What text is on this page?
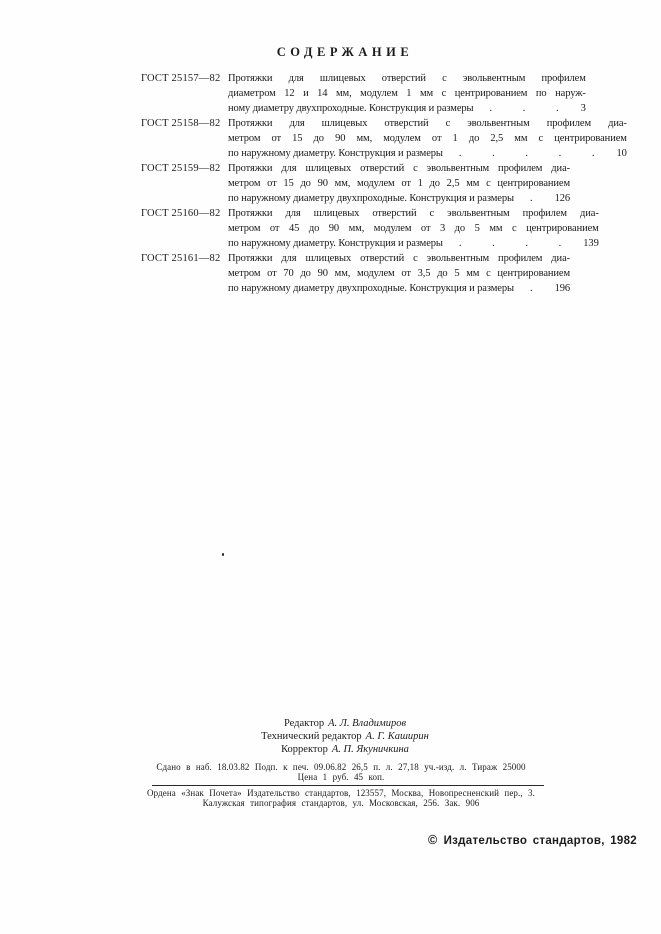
СОДЕРЖАНИЕ
ГОСТ 25157—82 Протяжки для шлицевых отверстий с эвольвентным профилем
диаметром 12 и 14 мм, модулем 1 мм с центрированием по наруж-
ному диаметру двухпроходные. Конструкция и размеры . . . 3
ГОСТ 25158—82 Протяжки для шлицевых отверстий с эвольвентным профилем диа-
метром от 15 до 90 мм, модулем от 1 до 2,5 мм с центрированием
по наружному диаметру. Конструкция и размеры . . . . . 10
ГОСТ 25159—82 Протяжки для шлицевых отверстий с эвольвентным профилем диа-
метром от 15 до 90 мм, модулем от 1 до 2,5 мм с центрированием
по наружному диаметру двухпроходные. Конструкция и размеры . 126
ГОСТ 25160—82 Протяжки для шлицевых отверстий с эвольвентным профилем диа-
метром от 45 до 90 мм, модулем от 3 до 5 мм с центрированием
по наружному диаметру. Конструкция и размеры . . . . 139
ГОСТ 25161—82 Протяжки для шлицевых отверстий с эвольвентным профилем диа-
метром от 70 до 90 мм, модулем от 3,5 до 5 мм с центрированием
по наружному диаметру двухпроходные. Конструкция и размеры . 196
Редактор А. Л. Владимиров
Технический редактор А. Г. Каширин
Корректор А. П. Якуничкина
Сдано в наб. 18.03.82 Подп. к печ. 09.06.82 26,5 п. л. 27,18 уч.-изд. л. Тираж 25000
Цена 1 руб. 45 коп.
Ордена «Знак Почета» Издательство стандартов, 123557, Москва, Новопресненский пер., 3.
Калужская типография стандартов, ул. Московская, 256. Зак. 906
© Издательство стандартов, 1982
